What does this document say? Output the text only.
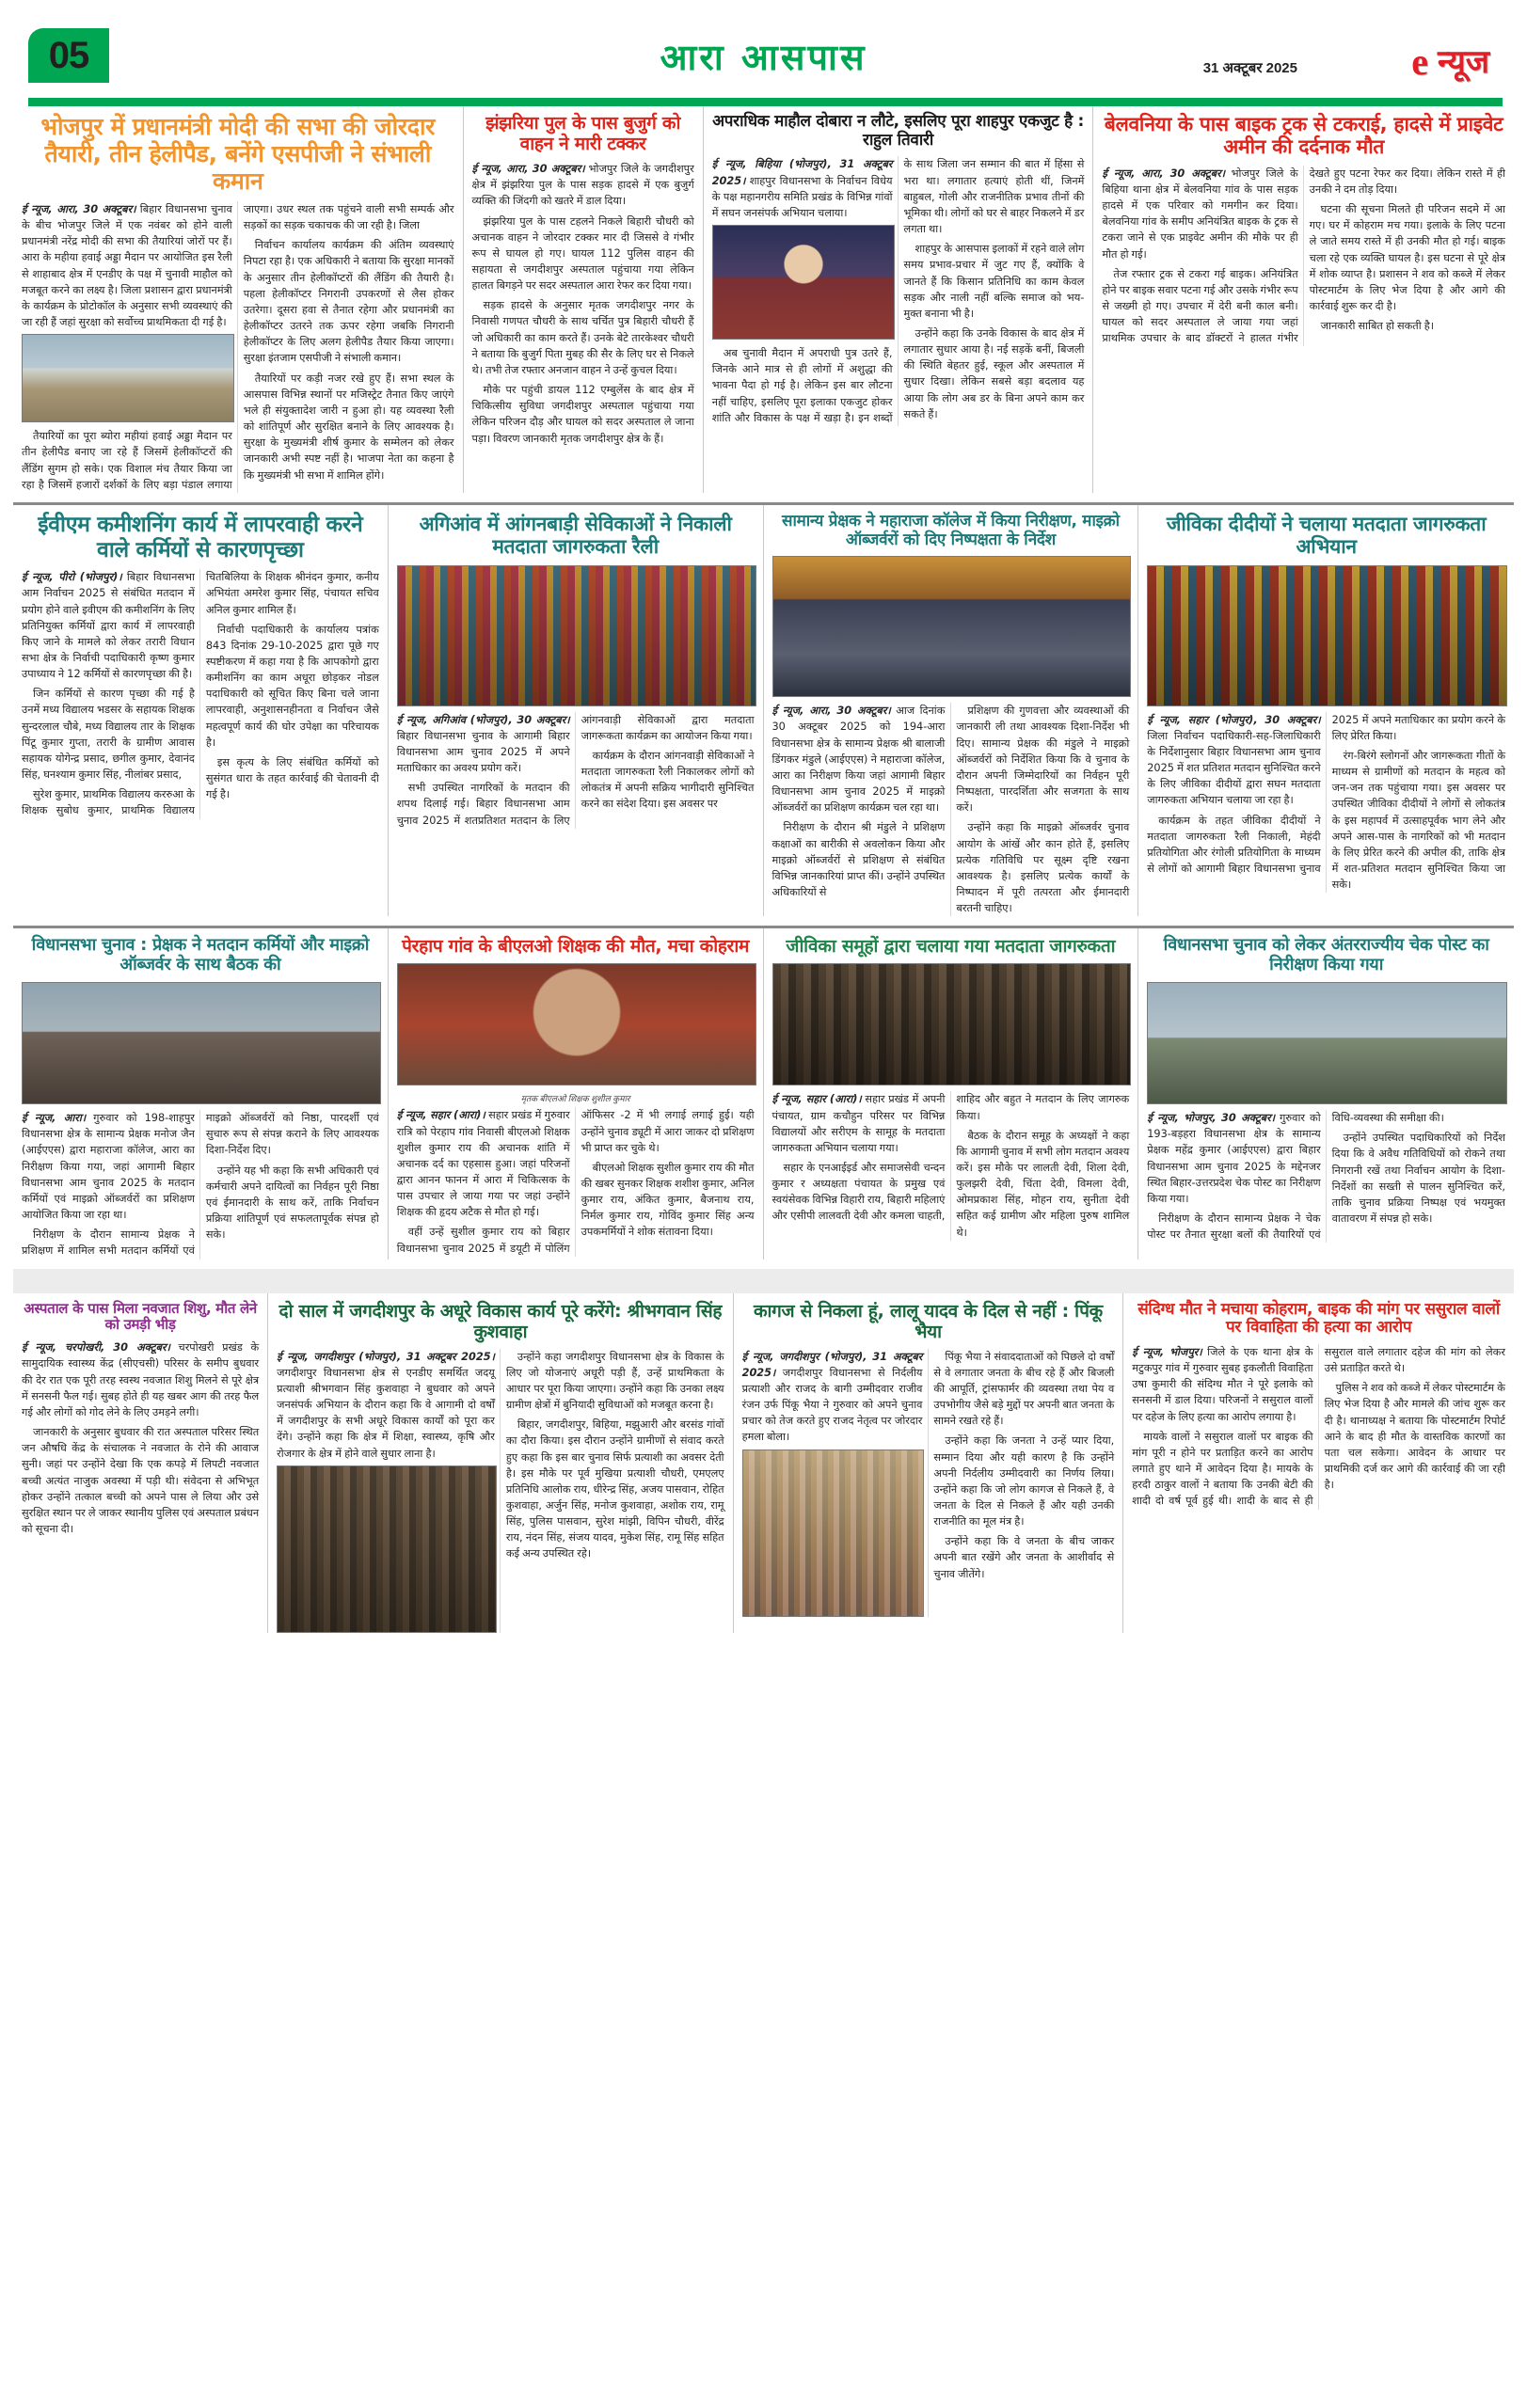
05	आरा आसपास	31 अक्टूबर 2025	e न्यूज
भोजपुर में प्रधानमंत्री मोदी की सभा की जोरदार तैयारी, तीन हेलीपैड, बनेंगे एसपीजी ने संभाली कमान

ई न्यूज, आरा, 30 अक्टूबर। बिहार विधानसभा चुनाव के बीच भोजपुर जिले में एक नवंबर को होने वाली प्रधानमंत्री नरेंद्र मोदी की सभा की तैयारियां जोरों पर हैं। आरा के महीया हवाई अड्डा मैदान पर आयोजित इस रैली से शाहाबाद क्षेत्र में एनडीए के पक्ष में चुनावी माहौल को मजबूत करने का लक्ष्य है। जिला प्रशासन द्वारा प्रधानमंत्री के कार्यक्रम के प्रोटोकॉल के अनुसार सभी व्यवस्थाएं की जा रही हैं जहां सुरक्षा को सर्वोच्च प्राथमिकता दी गई है।

तैयारियों का पूरा ब्योरा महीयां हवाई अड्डा मैदान पर तीन हेलीपैड बनाए जा रहे हैं जिसमें हेलीकॉप्टरों की लैंडिंग सुगम हो सके। एक विशाल मंच तैयार किया जा रहा है जिसमें हजारों दर्शकों के लिए बड़ा पंडाल लगाया जाएगा। उधर स्थल तक पहुंचने वाली सभी सम्पर्क और सड़कों का सड़क चकाचक की जा रही है। जिला

निर्वाचन कार्यालय कार्यक्रम की अंतिम व्यवस्थाएं निपटा रहा है। एक अधिकारी ने बताया कि सुरक्षा मानकों के अनुसार तीन हेलीकॉप्टरों की लैंडिंग की तैयारी है। पहला हेलीकॉप्टर निगरानी उपकरणों से लैस होकर उतरेगा। दूसरा हवा से तैनात रहेगा और प्रधानमंत्री का हेलीकॉप्टर उतरने तक ऊपर रहेगा जबकि निगरानी हेलीकॉप्टर के लिए अलग हेलीपैड तैयार किया जाएगा। सुरक्षा इंतजाम एसपीजी ने संभाली कमान।

तैयारियों पर कड़ी नजर रखे हुए हैं। सभा स्थल के आसपास विभिन्न स्थानों पर मजिस्ट्रेट तैनात किए जाएंगे भले ही संयुक्तादेश जारी न हुआ हो। यह व्यवस्था रैली को शांतिपूर्ण और सुरक्षित बनाने के लिए आवश्यक है। सुरक्षा के मुख्यमंत्री शीर्ष कुमार के सम्मेलन को लेकर जानकारी अभी स्पष्ट नहीं है। भाजपा नेता का कहना है कि मुख्यमंत्री भी सभा में शामिल होंगे।

झंझरिया पुल के पास बुजुर्ग को वाहन ने मारी टक्कर

ई न्यूज, आरा, 30 अक्टूबर। भोजपुर जिले के जगदीशपुर क्षेत्र में झंझरिया पुल के पास सड़क हादसे में एक बुजुर्ग व्यक्ति की जिंदगी को खतरे में डाल दिया।

झंझरिया पुल के पास टहलने निकले बिहारी चौधरी को अचानक वाहन ने जोरदार टक्कर मार दी जिससे वे गंभीर रूप से घायल हो गए। घायल 112 पुलिस वाहन की सहायता से जगदीशपुर अस्पताल पहुंचाया गया लेकिन हालत बिगड़ने पर सदर अस्पताल आरा रेफर कर दिया गया।

सड़क हादसे के अनुसार मृतक जगदीशपुर नगर के निवासी गणपत चौधरी के साथ चर्चित पुत्र बिहारी चौधरी हैं जो अधिकारी का काम करते हैं। उनके बेटे तारकेश्वर चौधरी ने बताया कि बुजुर्ग पिता मुबह की सैर के लिए घर से निकले थे। तभी तेज रफ्तार अनजान वाहन ने उन्हें कुचल दिया।

मौके पर पहुंची डायल 112 एम्बुलेंस के बाद क्षेत्र में चिकित्सीय सुविधा जगदीशपुर अस्पताल पहुंचाया गया लेकिन परिजन दौड़ और घायल को सदर अस्पताल ले जाना पड़ा। विवरण जानकारी मृतक जगदीशपुर क्षेत्र के हैं।

अपराधिक माहौल दोबारा न लौटे, इसलिए पूरा शाहपुर एकजुट है : राहुल तिवारी

ई न्यूज, बिहिया (भोजपुर), 31 अक्टूबर 2025। शाहपुर विधानसभा के निर्वाचन विधेय के पक्ष महानगरीय समिति प्रखंड के विभिन्न गांवों में सघन जनसंपर्क अभियान चलाया।

अब चुनावी मैदान में अपराधी पुत्र उतरे हैं, जिनके आने मात्र से ही लोगों में अशुद्धा की भावना पैदा हो गई है। लेकिन इस बार लौटना नहीं चाहिए, इसलिए पूरा इलाका एकजुट होकर शांति और विकास के पक्ष में खड़ा है। इन शब्दों के साथ जिला जन सम्मान की बात में हिंसा से भरा था। लगातार हत्याएं होती थीं, जिनमें बाहुबल, गोली और राजनीतिक प्रभाव तीनों की भूमिका थी। लोगों को घर से बाहर निकलने में डर लगता था।

शाहपुर के आसपास इलाकों में रहने वाले लोग समय प्रभाव-प्रचार में जुट गए हैं, क्योंकि वे जानते हैं कि किसान प्रतिनिधि का काम केवल सड़क और नाली नहीं बल्कि समाज को भय-मुक्त बनाना भी है।

उन्होंने कहा कि उनके विकास के बाद क्षेत्र में लगातार सुधार आया है। नई सड़कें बनीं, बिजली की स्थिति बेहतर हुई, स्कूल और अस्पताल में सुधार दिखा। लेकिन सबसे बड़ा बदलाव यह आया कि लोग अब डर के बिना अपने काम कर सकते हैं।

बेलवनिया के पास बाइक ट्रक से टकराई, हादसे में प्राइवेट अमीन की दर्दनाक मौत

ई न्यूज, आरा, 30 अक्टूबर। भोजपुर जिले के बिहिया थाना क्षेत्र में बेलवनिया गांव के पास सड़क हादसे में एक परिवार को गमगीन कर दिया। बेलवनिया गांव के समीप अनियंत्रित बाइक के ट्रक से टकरा जाने से एक प्राइवेट अमीन की मौके पर ही मौत हो गई।

तेज रफ्तार ट्रक से टकरा गई बाइक। अनियंत्रित होने पर बाइक सवार पटना गई और उसके गंभीर रूप से जख्मी हो गए। उपचार में देरी बनी काल बनी। घायल को सदर अस्पताल ले जाया गया जहां प्राथमिक उपचार के बाद डॉक्टरों ने हालत गंभीर देखते हुए पटना रेफर कर दिया। लेकिन रास्ते में ही उनकी ने दम तोड़ दिया।

घटना की सूचना मिलते ही परिजन सदमे में आ गए। घर में कोहराम मच गया। इलाके के लिए पटना ले जाते समय रास्ते में ही उनकी मौत हो गई। बाइक चला रहे एक व्यक्ति घायल है। इस घटना से पूरे क्षेत्र में शोक व्याप्त है। प्रशासन ने शव को कब्जे में लेकर पोस्टमार्टम के लिए भेज दिया है और आगे की कार्रवाई शुरू कर दी है।

जानकारी साबित हो सकती है।

ईवीएम कमीशनिंग कार्य में लापरवाही करने वाले कर्मियों से कारणपृच्छा

ई न्यूज, पीरो (भोजपुर)। बिहार विधानसभा आम निर्वाचन 2025 से संबंधित मतदान में प्रयोग होने वाले इवीएम की कमीशनिंग के लिए प्रतिनियुक्त कर्मियों द्वारा कार्य में लापरवाही किए जाने के मामले को लेकर तरारी विधान सभा क्षेत्र के निर्वाची पदाधिकारी कृष्ण कुमार उपाध्याय ने 12 कर्मियों से कारणपृच्छा की है।

जिन कर्मियों से कारण पृच्छा की गई है उनमें मध्य विद्यालय भडसर के सहायक शिक्षक सुन्दरलाल चौबे, मध्य विद्यालय तार के शिक्षक पिंटू कुमार गुप्ता, तरारी के ग्रामीण आवास सहायक योगेन्द्र प्रसाद, छगील कुमार, देवानंद सिंह, घनश्याम कुमार सिंह, नीलांबर प्रसाद,

सुरेश कुमार, प्राथमिक विद्यालय कररुआ के शिक्षक सुबोध कुमार, प्राथमिक विद्यालय चितबिलिया के शिक्षक श्रीनंदन कुमार, कनीय अभियंता अमरेश कुमार सिंह, पंचायत सचिव अनिल कुमार शामिल हैं।

निर्वाची पदाधिकारी के कार्यालय पत्रांक 843 दिनांक 29-10-2025 द्वारा पूछे गए स्पष्टीकरण में कहा गया है कि आपकोगो द्वारा कमीशनिंग का काम अधूरा छोड़कर नोडल पदाधिकारी को सूचित किए बिना चले जाना लापरवाही, अनुशासनहीनता व निर्वाचन जैसे महत्वपूर्ण कार्य की घोर उपेक्षा का परिचायक है।

इस कृत्य के लिए संबंधित कर्मियों को सुसंगत धारा के तहत कार्रवाई की चेतावनी दी गई है।

अगिआंव में आंगनबाड़ी सेविकाओं ने निकाली मतदाता जागरुकता रैली

ई न्यूज, अगिआंव (भोजपुर), 30 अक्टूबर। बिहार विधानसभा चुनाव के आगामी बिहार विधानसभा आम चुनाव 2025 में अपने मताधिकार का अवश्य प्रयोग करें।

सभी उपस्थित नागरिकों के मतदान की शपथ दिलाई गई। बिहार विधानसभा आम चुनाव 2025 में शतप्रतिशत मतदान के लिए आंगनवाड़ी सेविकाओं द्वारा मतदाता जागरूकता कार्यक्रम का आयोजन किया गया।

कार्यक्रम के दौरान आंगनवाड़ी सेविकाओं ने मतदाता जागरुकता रैली निकालकर लोगों को लोकतंत्र में अपनी सक्रिय भागीदारी सुनिश्चित करने का संदेश दिया। इस अवसर पर

सामान्य प्रेक्षक ने महाराजा कॉलेज में किया निरीक्षण, माइक्रो ऑब्जर्वरों को दिए निष्पक्षता के निर्देश

ई न्यूज, आरा, 30 अक्टूबर। आज दिनांक 30 अक्टूबर 2025 को 194-आरा विधानसभा क्षेत्र के सामान्य प्रेक्षक श्री बालाजी डिंगकर मंडुले (आईएएस) ने महाराजा कॉलेज, आरा का निरीक्षण किया जहां आगामी बिहार विधानसभा आम चुनाव 2025 में माइक्रो ऑब्जर्वरों का प्रशिक्षण कार्यक्रम चल रहा था।

निरीक्षण के दौरान श्री मंडुले ने प्रशिक्षण कक्षाओं का बारीकी से अवलोकन किया और माइक्रो ऑब्जर्वरों से प्रशिक्षण से संबंधित विभिन्न जानकारियां प्राप्त कीं। उन्होंने उपस्थित अधिकारियों से

प्रशिक्षण की गुणवत्ता और व्यवस्थाओं की जानकारी ली तथा आवश्यक दिशा-निर्देश भी दिए। सामान्य प्रेक्षक की मंडुले ने माइक्रो ऑब्जर्वरों को निर्देशित किया कि वे चुनाव के दौरान अपनी जिम्मेदारियों का निर्वहन पूरी निष्पक्षता, पारदर्शिता और सजगता के साथ करें।

उन्होंने कहा कि माइक्रो ऑब्जर्वर चुनाव आयोग के आंखें और कान होते हैं, इसलिए प्रत्येक गतिविधि पर सूक्ष्म दृष्टि रखना आवश्यक है। इसलिए प्रत्येक कार्यों के निष्पादन में पूरी तत्परता और ईमानदारी बरतनी चाहिए।

जीविका दीदीयों ने चलाया मतदाता जागरुकता अभियान

ई न्यूज, सहार (भोजपुर), 30 अक्टूबर। जिला निर्वाचन पदाधिकारी-सह-जिलाधिकारी के निर्देशानुसार बिहार विधानसभा आम चुनाव 2025 में शत प्रतिशत मतदान सुनिश्चित करने के लिए जीविका दीदीयों द्वारा सघन मतदाता जागरुकता अभियान चलाया जा रहा है।

कार्यक्रम के तहत जीविका दीदीयों ने मतदाता जागरुकता रैली निकाली, मेहंदी प्रतियोगिता और रंगोली प्रतियोगिता के माध्यम से लोगों को आगामी बिहार विधानसभा चुनाव 2025 में अपने मताधिकार का प्रयोग करने के लिए प्रेरित किया।

रंग-बिरंगे स्लोगनों और जागरूकता गीतों के माध्यम से ग्रामीणों को मतदान के महत्व को जन-जन तक पहुंचाया गया। इस अवसर पर उपस्थित जीविका दीदीयों ने लोगों से लोकतंत्र के इस महापर्व में उत्साहपूर्वक भाग लेने और अपने आस-पास के नागरिकों को भी मतदान के लिए प्रेरित करने की अपील की, ताकि क्षेत्र में शत-प्रतिशत मतदान सुनिश्चित किया जा सके।

विधानसभा चुनाव : प्रेक्षक ने मतदान कर्मियों और माइक्रो ऑब्जर्वर के साथ बैठक की

ई न्यूज, आरा। गुरुवार को 198-शाहपुर विधानसभा क्षेत्र के सामान्य प्रेक्षक मनोज जैन (आईएएस) द्वारा महाराजा कॉलेज, आरा का निरीक्षण किया गया, जहां आगामी बिहार विधानसभा आम चुनाव 2025 के मतदान कर्मियों एवं माइक्रो ऑब्जर्वरों का प्रशिक्षण आयोजित किया जा रहा था।

निरीक्षण के दौरान सामान्य प्रेक्षक ने प्रशिक्षण में शामिल सभी मतदान कर्मियों एवं माइक्रो ऑब्जर्वरों को निष्ठा, पारदर्शी एवं सुचारु रूप से संपन्न कराने के लिए आवश्यक दिशा-निर्देश दिए।

उन्होंने यह भी कहा कि सभी अधिकारी एवं कर्मचारी अपने दायित्वों का निर्वहन पूरी निष्ठा एवं ईमानदारी के साथ करें, ताकि निर्वाचन प्रक्रिया शांतिपूर्ण एवं सफलतापूर्वक संपन्न हो सके।

पेरहाप गांव के बीएलओ शिक्षक की मौत, मचा कोहराम
मृतक बीएलओ शिक्षक शुशील कुमार

ई न्यूज, सहार (आरा)। सहार प्रखंड में गुरुवार रात्रि को पेरहाप गांव निवासी बीएलओ शिक्षक शुशील कुमार राय की अचानक शांति में अचानक दर्द का एहसास हुआ। जहां परिजनों द्वारा आनन फानन में आरा में चिकित्सक के पास उपचार ले जाया गया पर जहां उन्होंने शिक्षक की हृदय अटैक से मौत हो गई।

वहीं उन्हें सुशील कुमार राय को बिहार विधानसभा चुनाव 2025 में डयूटी में पोलिंग ऑफिसर -2 में भी लगाई लगाई हुई। यही उन्होंने चुनाव ड्यूटी में आरा जाकर दो प्रशिक्षण भी प्राप्त कर चुके थे।

बीएलओ शिक्षक सुशील कुमार राय की मौत की खबर सुनकर शिक्षक शशीश कुमार, अनिल कुमार राय, अंकित कुमार, बैजनाथ राय, निर्मल कुमार राय, गोविंद कुमार सिंह अन्य उपकमर्मियों ने शोक संतावना दिया।

जीविका समूहों द्वारा चलाया गया मतदाता जागरुकता

ई न्यूज, सहार (आरा)। सहार प्रखंड में अपनी पंचायत, ग्राम कचौहुन परिसर पर विभिन्न विद्यालयों और सरीएम के सामूह के मतदाता जागरुकता अभियान चलाया गया।

सहार के एनआईइर्ड और समाजसेवी चन्दन कुमार र अध्यक्षता पंचायत के प्रमुख एवं स्वयंसेवक विभिन्न विहारी राय, बिहारी महिलाएं और एसीपी लालवती देवी और कमला चाहती, शाहिद और बहुत ने मतदान के लिए जागरुक किया।

बैठक के दौरान समूह के अध्यक्षों ने कहा कि आगामी चुनाव में सभी लोग मतदान अवश्य करें। इस मौके पर लालती देवी, शिला देवी, फुलझरी देवी, चिंता देवी, विमला देवी, ओमप्रकाश सिंह, मोहन राय, सुनीता देवी सहित कई ग्रामीण और महिला पुरुष शामिल थे।

विधानसभा चुनाव को लेकर अंतरराज्यीय चेक पोस्ट का निरीक्षण किया गया

ई न्यूज, भोजपुर, 30 अक्टूबर। गुरुवार को 193-बड़हरा विधानसभा क्षेत्र के सामान्य प्रेक्षक महेंद्र कुमार (आईएएस) द्वारा बिहार विधानसभा आम चुनाव 2025 के मद्देनजर स्थित बिहार-उत्तरप्रदेश चेक पोस्ट का निरीक्षण किया गया।

निरीक्षण के दौरान सामान्य प्रेक्षक ने चेक पोस्ट पर तैनात सुरक्षा बलों की तैयारियों एवं विधि-व्यवस्था की समीक्षा की।

उन्होंने उपस्थित पदाधिकारियों को निर्देश दिया कि वे अवैध गतिविधियों को रोकने तथा निगरानी रखें तथा निर्वाचन आयोग के दिशा-निर्देशों का सख्ती से पालन सुनिश्चित करें, ताकि चुनाव प्रक्रिया निष्पक्ष एवं भयमुक्त वातावरण में संपन्न हो सके।

अस्पताल के पास मिला नवजात शिशु, मौत लेने को उमड़ी भीड़

ई न्यूज, चरपोखरी, 30 अक्टूबर। चरपोखरी प्रखंड के सामुदायिक स्वास्थ्य केंद्र (सीएचसी) परिसर के समीप बुधवार की देर रात एक पूरी तरह स्वस्थ नवजात शिशु मिलने से पूरे क्षेत्र में सनसनी फैल गई। सुबह होते ही यह खबर आग की तरह फैल गई और लोगों को गोद लेने के लिए उमड़ने लगी।

जानकारी के अनुसार बुधवार की रात अस्पताल परिसर स्थित जन औषधि केंद्र के संचालक ने नवजात के रोने की आवाज सुनी। जहां पर उन्होंने देखा कि एक कपड़े में लिपटी नवजात बच्ची अत्यंत नाजुक अवस्था में पड़ी थी। संवेदना से अभिभूत होकर उन्होंने तत्काल बच्ची को अपने पास ले लिया और उसे सुरक्षित स्थान पर ले जाकर स्थानीय पुलिस एवं अस्पताल प्रबंधन को सूचना दी।

दो साल में जगदीशपुर के अधूरे विकास कार्य पूरे करेंगे: श्रीभगवान सिंह कुशवाहा

ई न्यूज, जगदीशपुर (भोजपुर), 31 अक्टूबर 2025। जगदीशपुर विधानसभा क्षेत्र से एनडीए समर्थित जदयू प्रत्याशी श्रीभगवान सिंह कुशवाहा ने बुधवार को अपने जनसंपर्क अभियान के दौरान कहा कि वे आगामी दो वर्षों में जगदीशपुर के सभी अधूरे विकास कार्यों को पूरा कर देंगे। उन्होंने कहा कि क्षेत्र में शिक्षा, स्वास्थ्य, कृषि और रोजगार के क्षेत्र में होने वाले सुधार लाना है।

उन्होंने कहा जगदीशपुर विधानसभा क्षेत्र के विकास के लिए जो योजनाएं अधूरी पड़ी हैं, उन्हें प्राथमिकता के आधार पर पूरा किया जाएगा। उन्होंने कहा कि उनका लक्ष्य ग्रामीण क्षेत्रों में बुनियादी सुविधाओं को मजबूत करना है।

बिहार, जगदीशपुर, बिहिया, मझुआरी और बरसंड गांवों का दौरा किया। इस दौरान उन्होंने ग्रामीणों से संवाद करते हुए कहा कि इस बार चुनाव सिर्फ प्रत्याशी का अवसर देती है। इस मौके पर पूर्व मुखिया प्रत्याशी चौधरी, एमएलए प्रतिनिधि आलोक राय, धीरेन्द्र सिंह, अजय पासवान, रोहित कुशवाहा, अर्जुन सिंह, मनोज कुशवाहा, अशोक राय, रामू सिंह, पुलिस पासवान, सुरेश मांझी, विपिन चौधरी, वीरेंद्र राय, नंदन सिंह, संजय यादव, मुकेश सिंह, रामू सिंह सहित कई अन्य उपस्थित रहे।

कागज से निकला हूं, लालू यादव के दिल से नहीं : पिंकू भैया

ई न्यूज, जगदीशपुर (भोजपुर), 31 अक्टूबर 2025। जगदीशपुर विधानसभा से निर्दलीय प्रत्याशी और राजद के बागी उम्मीदवार राजीव रंजन उर्फ पिंकू भैया ने गुरुवार को अपने चुनाव प्रचार को तेज करते हुए राजद नेतृत्व पर जोरदार हमला बोला।

पिंकू भैया ने संवाददाताओं को पिछले दो वर्षों से वे लगातार जनता के बीच रहे हैं और बिजली की आपूर्ति, ट्रांसफार्मर की व्यवस्था तथा पेय व उपभोगीय जैसे बड़े मुद्दों पर अपनी बात जनता के सामने रखते रहे हैं।

उन्होंने कहा कि जनता ने उन्हें प्यार दिया, सम्मान दिया और यही कारण है कि उन्होंने अपनी निर्दलीय उम्मीदवारी का निर्णय लिया। उन्होंने कहा कि जो लोग कागज से निकले हैं, वे जनता के दिल से निकले हैं और यही उनकी राजनीति का मूल मंत्र है।

उन्होंने कहा कि वे जनता के बीच जाकर अपनी बात रखेंगे और जनता के आशीर्वाद से चुनाव जीतेंगे।

संदिग्ध मौत ने मचाया कोहराम, बाइक की मांग पर ससुराल वालों पर विवाहिता की हत्या का आरोप

ई न्यूज, भोजपुर। जिले के एक थाना क्षेत्र के मटुकपुर गांव में गुरुवार सुबह इकलौती विवाहिता उषा कुमारी की संदिग्ध मौत ने पूरे इलाके को सनसनी में डाल दिया। परिजनों ने ससुराल वालों पर दहेज के लिए हत्या का आरोप लगाया है।

मायके वालों ने ससुराल वालों पर बाइक की मांग पूरी न होने पर प्रताड़ित करने का आरोप लगाते हुए थाने में आवेदन दिया है। मायके के हरदी ठाकुर वालों ने बताया कि उनकी बेटी की शादी दो वर्ष पूर्व हुई थी। शादी के बाद से ही ससुराल वाले लगातार दहेज की मांग को लेकर उसे प्रताड़ित करते थे।

पुलिस ने शव को कब्जे में लेकर पोस्टमार्टम के लिए भेज दिया है और मामले की जांच शुरू कर दी है। थानाध्यक्ष ने बताया कि पोस्टमार्टम रिपोर्ट आने के बाद ही मौत के वास्तविक कारणों का पता चल सकेगा। आवेदन के आधार पर प्राथमिकी दर्ज कर आगे की कार्रवाई की जा रही है।
